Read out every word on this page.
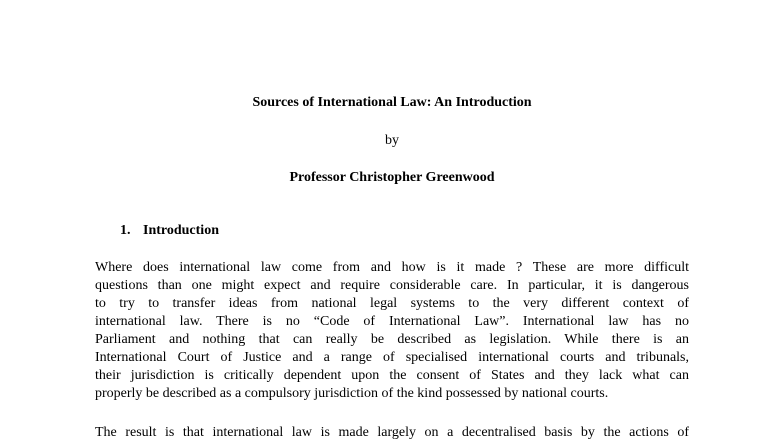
Sources of International Law: An Introduction
by
Professor Christopher Greenwood
1. Introduction
Where does international law come from and how is it made ? These are more difficult
questions than one might expect and require considerable care. In particular, it is dangerous
to try to transfer ideas from national legal systems to the very different context of
international law. There is no “Code of International Law”. International law has no
Parliament and nothing that can really be described as legislation. While there is an
International Court of Justice and a range of specialised international courts and tribunals,
their jurisdiction is critically dependent upon the consent of States and they lack what can
properly be described as a compulsory jurisdiction of the kind possessed by national courts.
The result is that international law is made largely on a decentralised basis by the actions of
